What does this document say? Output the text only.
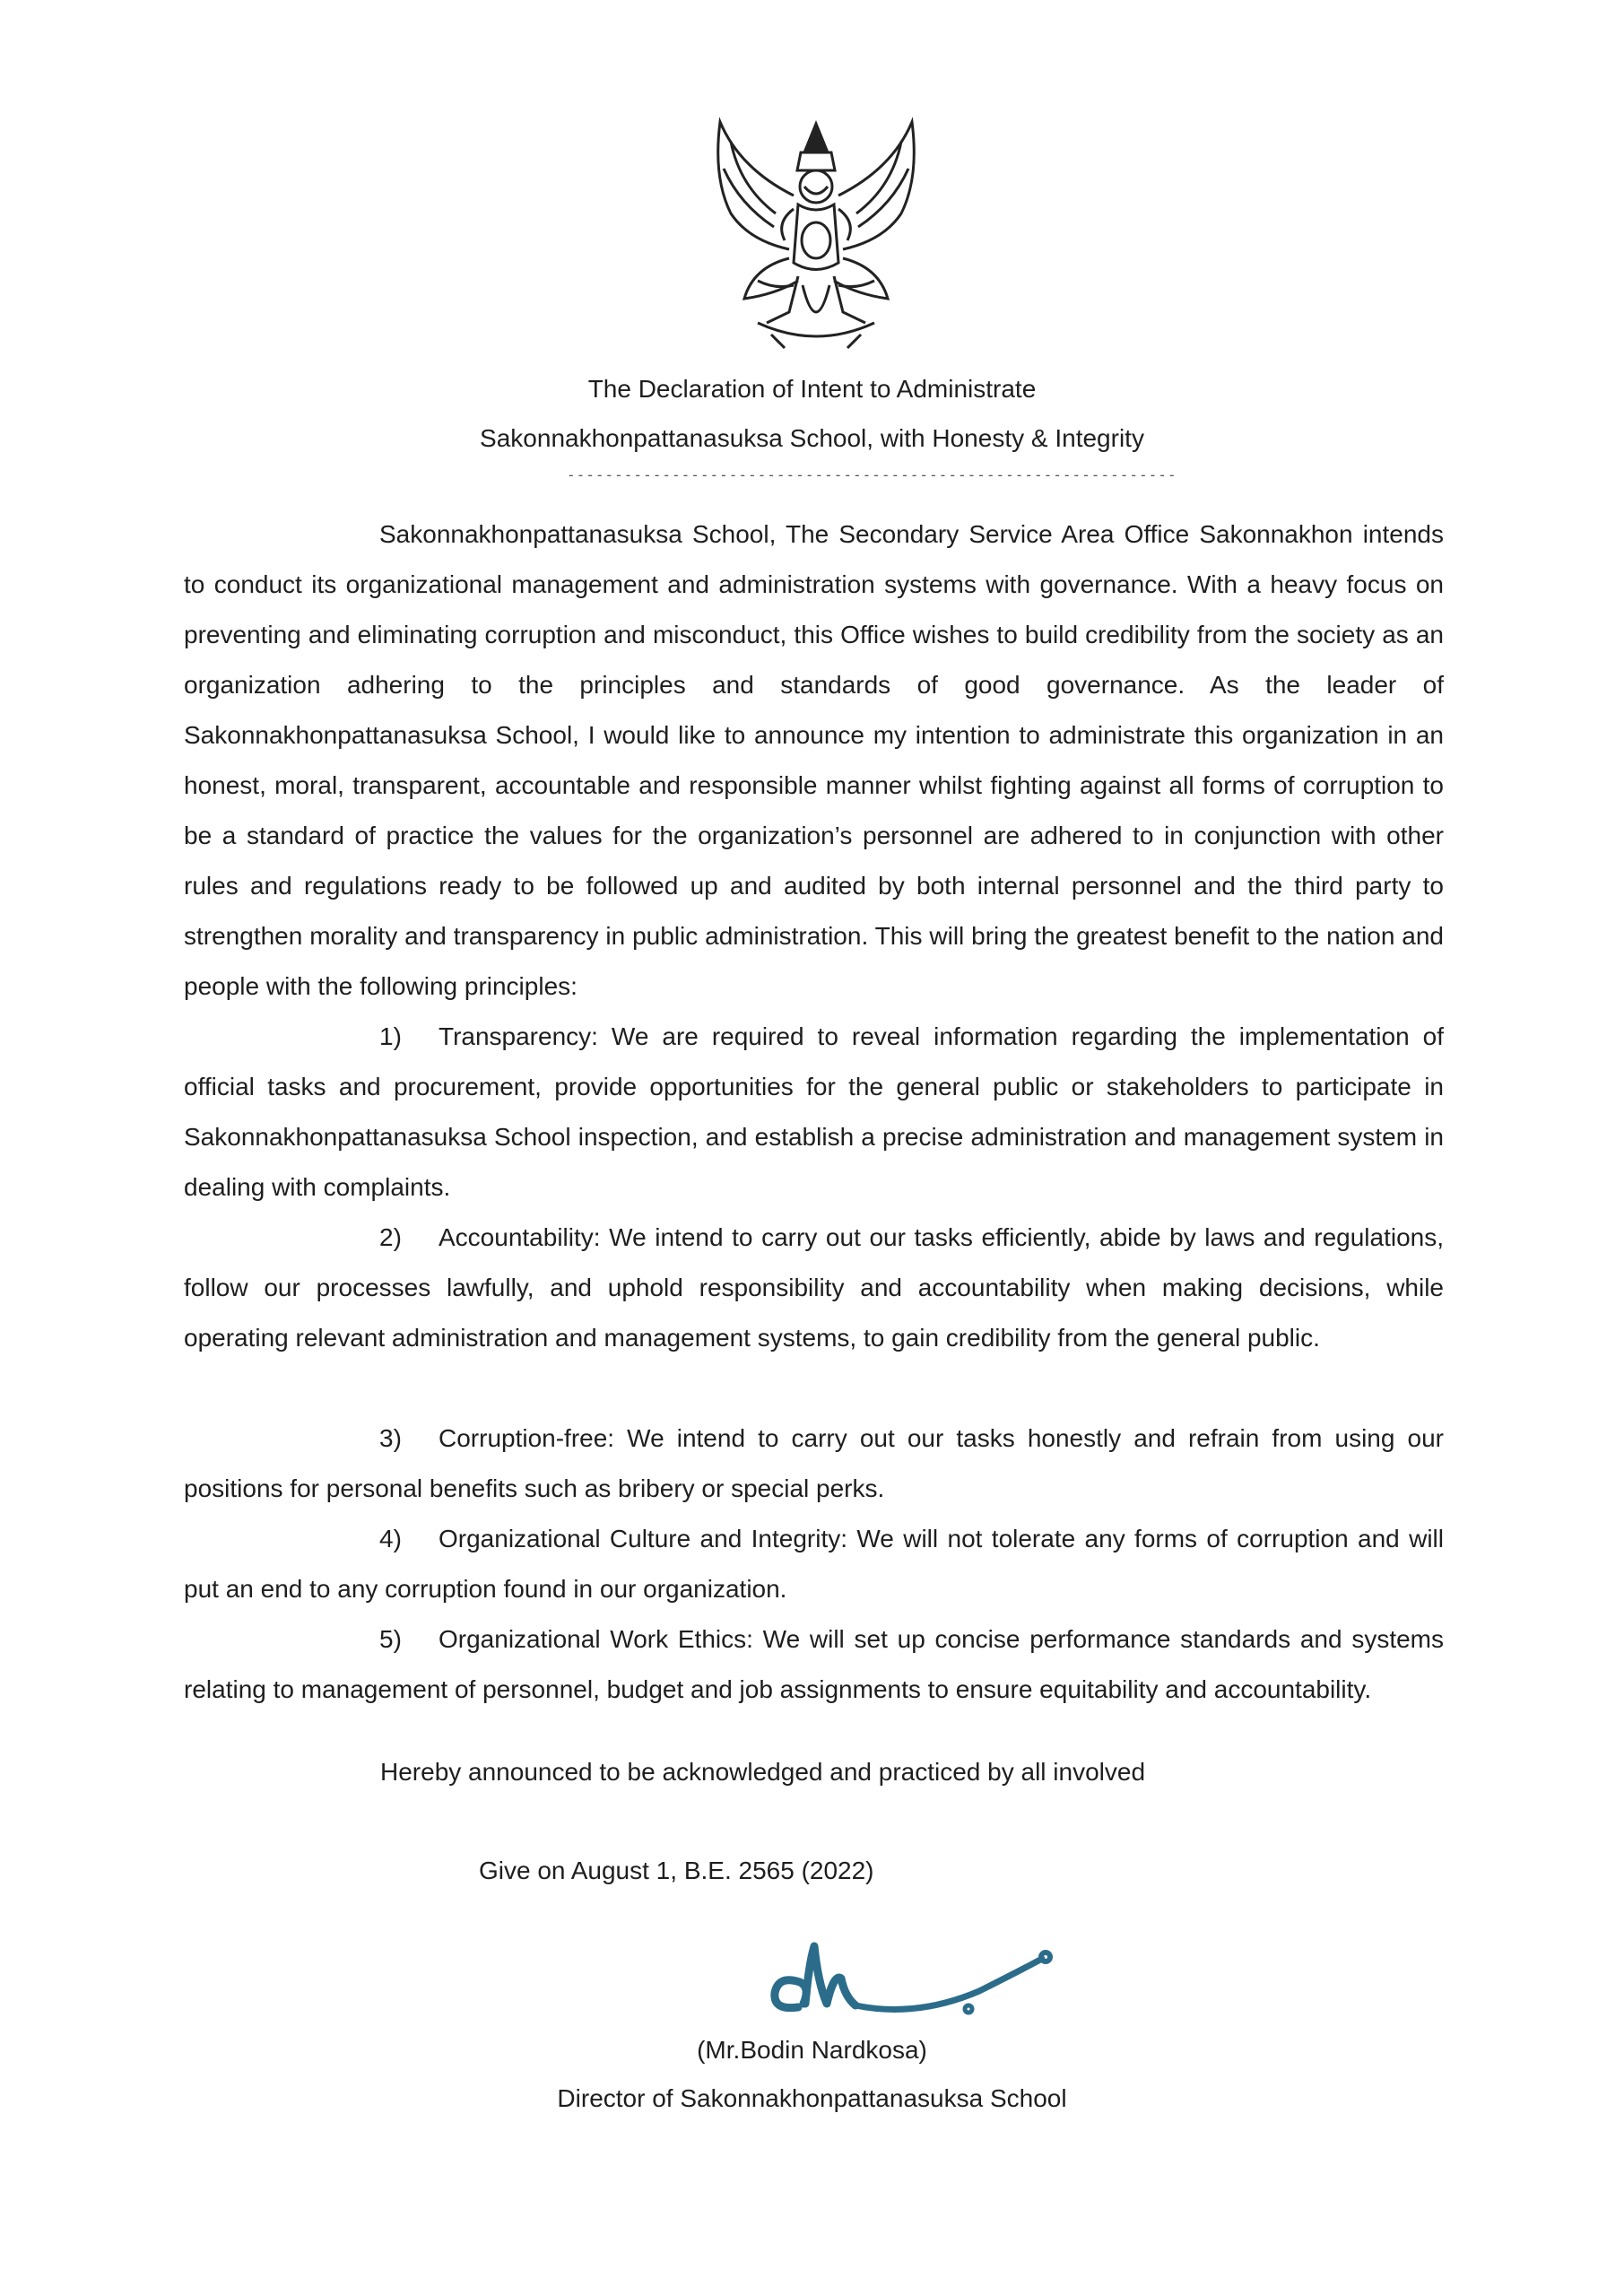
The Declaration of Intent to Administrate
Sakonnakhonpattanasuksa School, with Honesty & Integrity
----------------------------------------------------------------
Sakonnakhonpattanasuksa School, The Secondary Service Area Office Sakonnakhon intends to conduct its organizational management and administration systems with governance. With a heavy focus on preventing and eliminating corruption and misconduct, this Office wishes to build credibility from the society as an organization adhering to the principles and standards of good governance. As the leader of Sakonnakhonpattanasuksa School, I would like to announce my intention to administrate this organization in an honest, moral, transparent, accountable and responsible manner whilst fighting against all forms of corruption to be a standard of practice the values for the organization’s personnel are adhered to in conjunction with other rules and regulations ready to be followed up and audited by both internal personnel and the third party to strengthen morality and transparency in public administration. This will bring the greatest benefit to the nation and people with the following principles:
1) Transparency: We are required to reveal information regarding the implementation of official tasks and procurement, provide opportunities for the general public or stakeholders to participate in Sakonnakhonpattanasuksa School inspection, and establish a precise administration and management system in dealing with complaints.
2) Accountability: We intend to carry out our tasks efficiently, abide by laws and regulations, follow our processes lawfully, and uphold responsibility and accountability when making decisions, while operating relevant administration and management systems, to gain credibility from the general public.
3) Corruption-free: We intend to carry out our tasks honestly and refrain from using our positions for personal benefits such as bribery or special perks.
4) Organizational Culture and Integrity: We will not tolerate any forms of corruption and will put an end to any corruption found in our organization.
5) Organizational Work Ethics: We will set up concise performance standards and systems relating to management of personnel, budget and job assignments to ensure equitability and accountability.
Hereby announced to be acknowledged and practiced by all involved
Give on August 1, B.E. 2565 (2022)
(Mr.Bodin Nardkosa)
Director of Sakonnakhonpattanasuksa School
